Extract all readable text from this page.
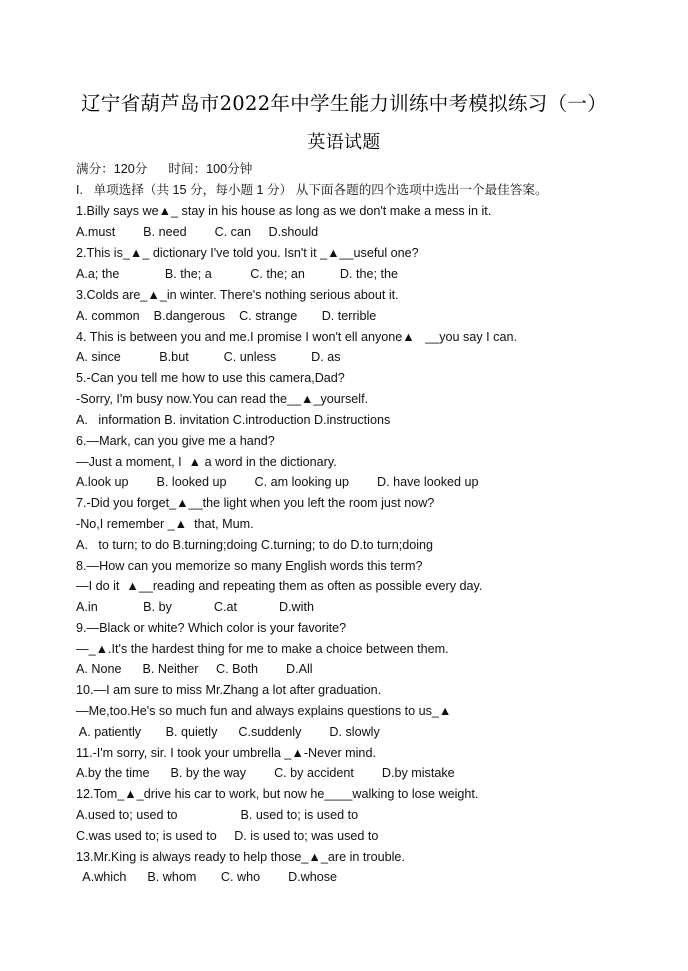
辽宁省葫芦岛市2022年中学生能力训练中考模拟练习（一）
英语试题
满分：120分      时间：100分钟
I.   单项选择（共 15 分，每小题 1 分） 从下面各题的四个选项中选出一个最佳答案。
1.Billy says we▲_ stay in his house as long as we don't make a mess in it.
A.must        B. need        C. can     D.should
2.This is_▲_ dictionary I've told you. Isn't it _▲__useful one?
A.a; the             B. the; a           C. the; an          D. the; the
3.Colds are_▲_in winter. There's nothing serious about it.
A. common    B.dangerous    C. strange       D. terrible
4. This is between you and me.I promise I won't ell anyone▲   __you say I can.
A. since           B.but          C. unless          D. as
5.-Can you tell me how to use this camera,Dad?
-Sorry, I'm busy now.You can read the__▲_yourself.
A.   information B. invitation C.introduction D.instructions
6.—Mark, can you give me a hand?
—Just a moment, I  ▲ a word in the dictionary.
A.look up        B. looked up        C. am looking up        D. have looked up
7.-Did you forget_▲__the light when you left the room just now?
-No,I remember _▲  that, Mum.
A.   to turn; to do B.turning;doing C.turning; to do D.to turn;doing
8.—How can you memorize so many English words this term?
—I do it  ▲__reading and repeating them as often as possible every day.
A.in             B. by            C.at            D.with
9.—Black or white? Which color is your favorite?
—_▲.It's the hardest thing for me to make a choice between them.
A. None      B. Neither     C. Both        D.All
10.—I am sure to miss Mr.Zhang a lot after graduation.
—Me,too.He's so much fun and always explains questions to us_▲
A. patiently       B. quietly      C.suddenly        D. slowly
11.-I'm sorry, sir. I took your umbrella _▲-Never mind.
A.by the time      B. by the way        C. by accident        D.by mistake
12.Tom_▲_drive his car to work, but now he____walking to lose weight.
A.used to; used to                  B. used to; is used to
C.was used to; is used to     D. is used to; was used to
13.Mr.King is always ready to help those_▲_are in trouble.
A.which      B. whom       C. who        D.whose
